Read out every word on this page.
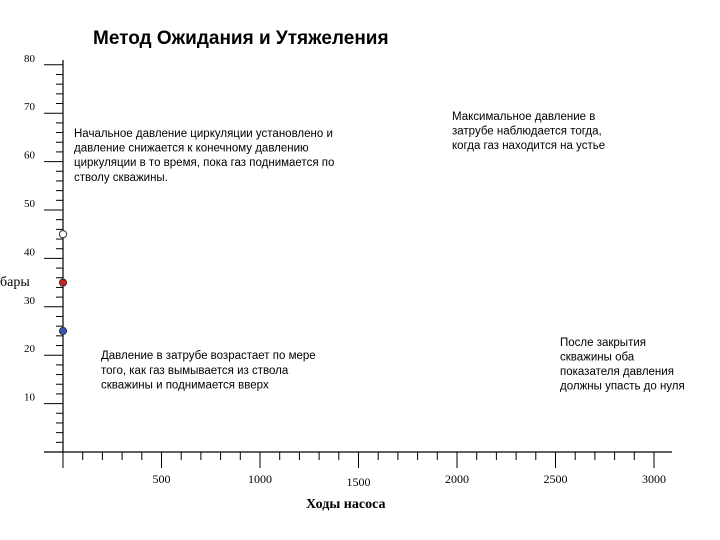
Метод Ожидания и Утяжеления
80
70
60
50
40
30
20
10
500	1000	1500	2000	2500	3000
бары
Ходы насоса
Начальное давление циркуляции установлено и
давление снижается к конечному давлению
циркуляции в то время, пока газ поднимается по
стволу скважины.
Максимальное давление в
затрубе наблюдается тогда,
когда газ находится на устье
Давление в затрубе возрастает по мере
того, как газ вымывается из ствола
скважины и поднимается вверх
После закрытия
скважины оба
показателя давления
должны упасть до нуля
